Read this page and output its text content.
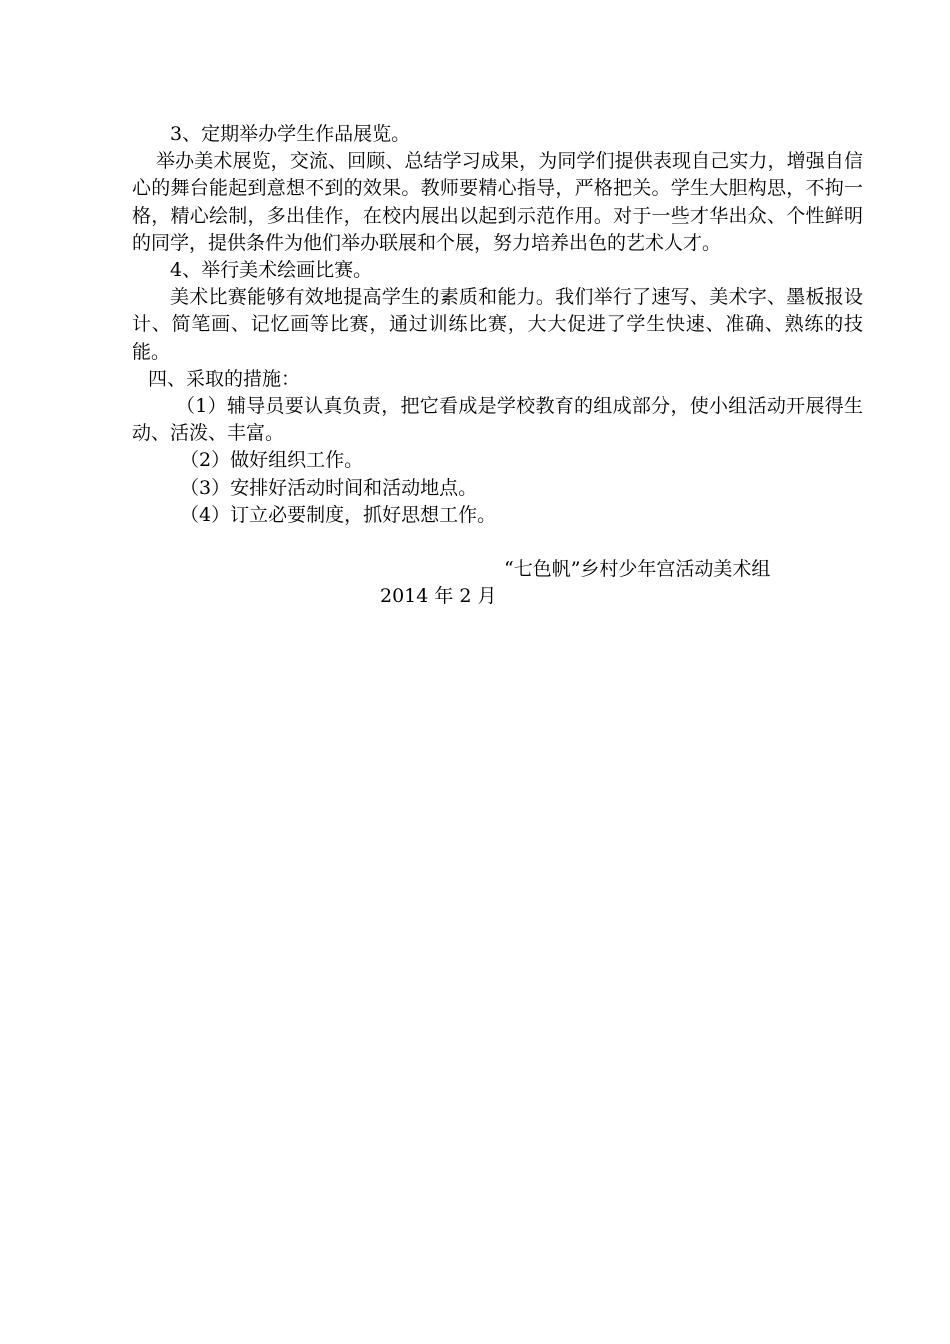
3、定期举办学生作品展览。

举办美术展览，交流、回顾、总结学习成果，为同学们提供表现自己实力，增强自信心的舞台能起到意想不到的效果。教师要精心指导，严格把关。学生大胆构思，不拘一格，精心绘制，多出佳作，在校内展出以起到示范作用。对于一些才华出众、个性鲜明的同学，提供条件为他们举办联展和个展，努力培养出色的艺术人才。

4、举行美术绘画比赛。

美术比赛能够有效地提高学生的素质和能力。我们举行了速写、美术字、墨板报设计、简笔画、记忆画等比赛，通过训练比赛，大大促进了学生快速、准确、熟练的技能。

四、采取的措施：

（1）辅导员要认真负责，把它看成是学校教育的组成部分，使小组活动开展得生动、活泼、丰富。

（2）做好组织工作。

（3）安排好活动时间和活动地点。

（4）订立必要制度，抓好思想工作。

“七色帆”乡村少年宫活动美术组

2014 年 2 月
